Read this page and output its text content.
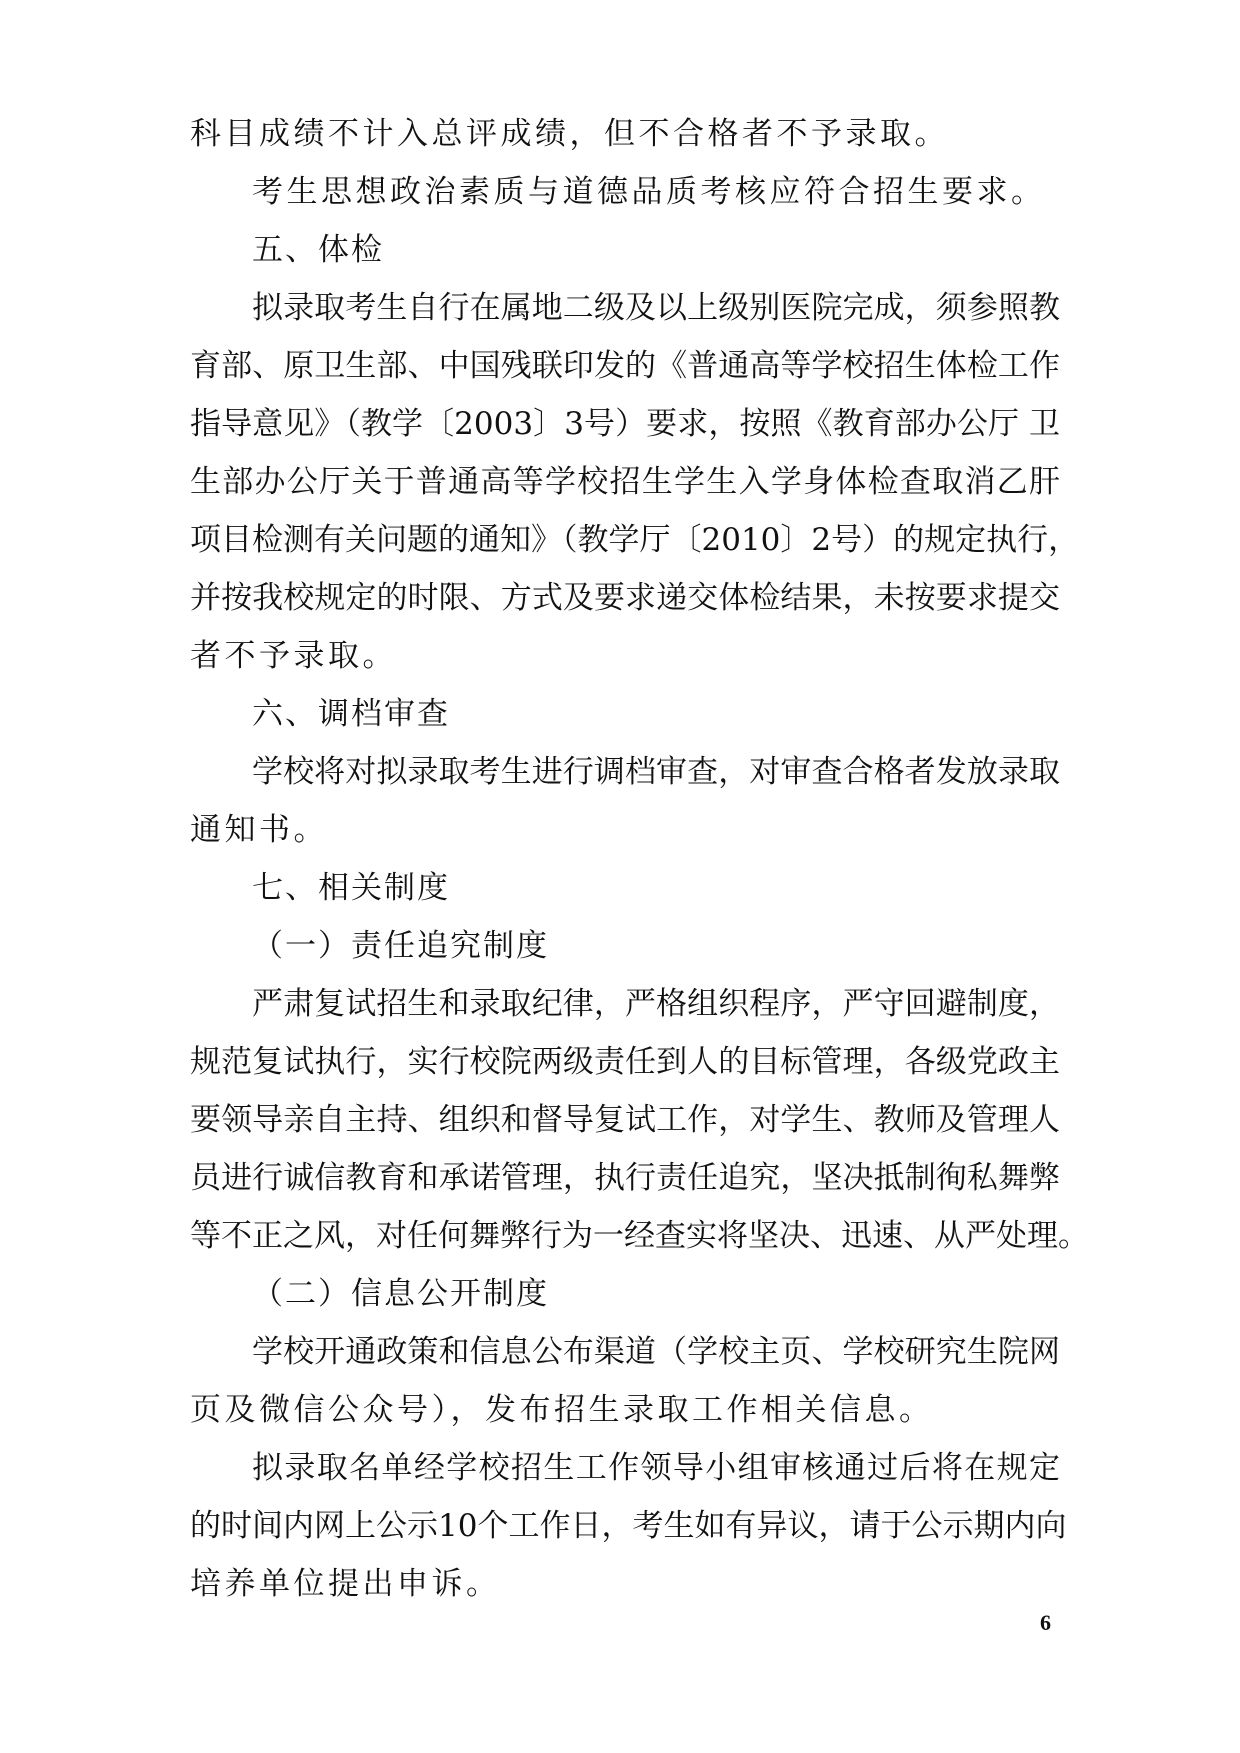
科目成绩不计入总评成绩，但不合格者不予录取。
考生思想政治素质与道德品质考核应符合招生要求。
五、体检
拟录取考生自行在属地二级及以上级别医院完成，须参照教
育部、原卫生部、中国残联印发的《普通高等学校招生体检工作
指导意见》（教学〔2003〕3号）要求，按照《教育部办公厅 卫
生部办公厅关于普通高等学校招生学生入学身体检查取消乙肝
项目检测有关问题的通知》（教学厅〔2010〕2号）的规定执行，
并按我校规定的时限、方式及要求递交体检结果，未按要求提交
者不予录取。
六、调档审查
学校将对拟录取考生进行调档审查，对审查合格者发放录取
通知书。
七、相关制度
（一）责任追究制度
严肃复试招生和录取纪律，严格组织程序，严守回避制度，
规范复试执行，实行校院两级责任到人的目标管理，各级党政主
要领导亲自主持、组织和督导复试工作，对学生、教师及管理人
员进行诚信教育和承诺管理，执行责任追究，坚决抵制徇私舞弊
等不正之风，对任何舞弊行为一经查实将坚决、迅速、从严处理。
（二）信息公开制度
学校开通政策和信息公布渠道（学校主页、学校研究生院网
页及微信公众号），发布招生录取工作相关信息。
拟录取名单经学校招生工作领导小组审核通过后将在规定
的时间内网上公示10个工作日，考生如有异议，请于公示期内向
培养单位提出申诉。
6
